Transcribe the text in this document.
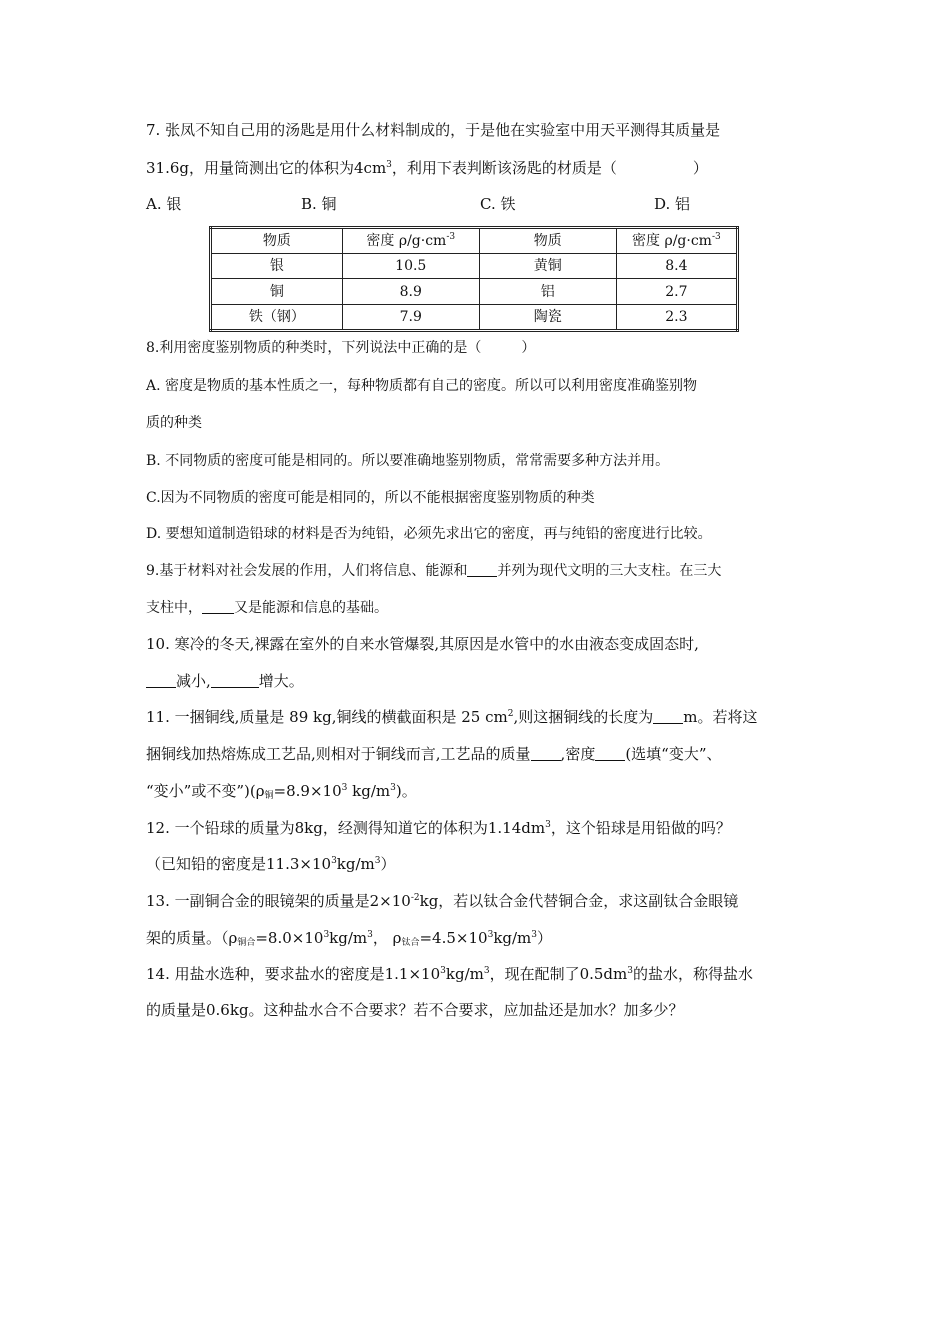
7. 张凤不知自己用的汤匙是用什么材料制成的，于是他在实验室中用天平测得其质量是
31.6g，用量筒测出它的体积为$4cm^3$，利用下表判断该汤匙的材质是（	）
A. 银	B. 铜	C. 铁	D. 铝
物质	密度 $\rho/g\cdot cm^{-3}$	物质	密度 $\rho/g\cdot cm^{-3}$
银	10.5	黄铜	8.4
铜	8.9	铝	2.7
铁（钢）	7.9	陶瓷	2.3
8.利用密度鉴别物质的种类时，下列说法中正确的是（	）
A. 密度是物质的基本性质之一，每种物质都有自己的密度。所以可以利用密度准确鉴别物
质的种类
B. 不同物质的密度可能是相同的。所以要准确地鉴别物质，常常需要多种方法并用。
C.因为不同物质的密度可能是相同的，所以不能根据密度鉴别物质的种类
D. 要想知道制造铅球的材料是否为纯铅，必须先求出它的密度，再与纯铅的密度进行比较。
9.基于材料对社会发展的作用，人们将信息、能源和 并列为现代文明的三大支柱。在三大
支柱中， 又是能源和信息的基础。
10. 寒冷的冬天,裸露在室外的自来水管爆裂,其原因是水管中的水由液态变成固态时,
减小,	增大。
11. 一捆铜线,质量是 89 kg,铜线的横截面积是 25 $cm^2$,则这捆铜线的长度为 m。若将这
捆铜线加热熔炼成工艺品,则相对于铜线而言,工艺品的质量 ,密度 (选填“变大”、
“变小”或不变$”)(\rho_铜=8.9\times 10^3$ $kg/m^3$)。
12. 一个铅球的质量为8kg，经测得知道它的体积为$1.14dm^3$，这个铅球是用铅做的吗？
（已知铅的密度是$11.3\times 10^3kg/m^3$）
13. 一副铜合金的眼镜架的质量是$2\times 10^{-2}kg$，若以钛合金代替铜合金，求这副钛合金眼镜
架的质量。（$\rho_{铜合}=8.0\times 10^3kg/m^3$， $\rho_{钛合}=4.5\times 10^3kg/m^3$）
14. 用盐水选种，要求盐水的密度是$1.1\times 10^3kg/m^3$，现在配制了$0.5dm^3$的盐水，称得盐水
的质量是0.6kg。这种盐水合不合要求？若不合要求，应加盐还是加水？加多少？
